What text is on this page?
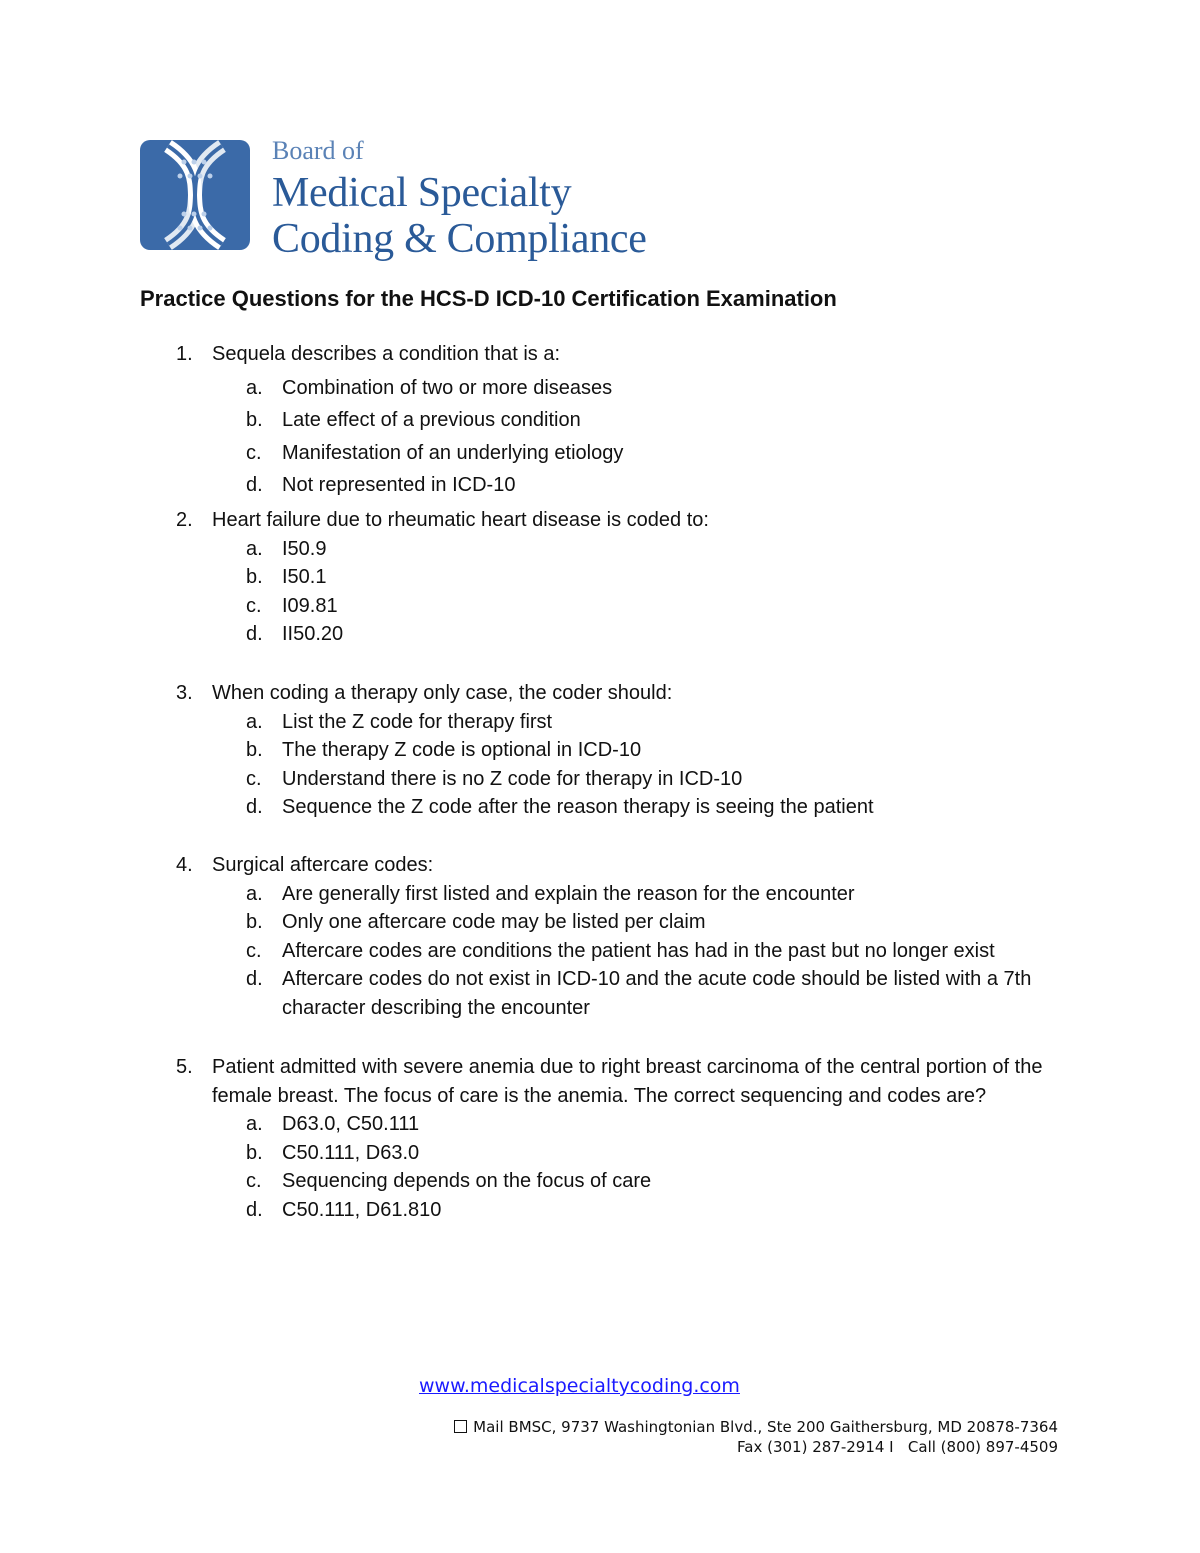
Board of
Medical Specialty
Coding & Compliance
Practice Questions for the HCS-D ICD-10 Certification Examination
1. Sequela describes a condition that is a:
a. Combination of two or more diseases
b. Late effect of a previous condition
c.	Manifestation of an underlying etiology
d. Not represented in ICD-10
2. Heart failure due to rheumatic heart disease is coded to:
a. I50.9
b. I50.1
c.	I09.81
d. II50.20
3. When coding a therapy only case, the coder should:
a. List the Z code for therapy first
b. The therapy Z code is optional in ICD-10
c.	Understand there is no Z code for therapy in ICD-10
d. Sequence the Z code after the reason therapy is seeing the patient
4. Surgical aftercare codes:
a. Are generally first listed and explain the reason for the encounter
b. Only one aftercare code may be listed per claim
c.	Aftercare codes are conditions the patient has had in the past but no longer exist
d. Aftercare codes do not exist in ICD-10 and the acute code should be listed with a 7th character describing the encounter
5. Patient admitted with severe anemia due to right breast carcinoma of the central portion of the female breast. The focus of care is the anemia. The correct sequencing and codes are?
a. D63.0, C50.111
b. C50.111, D63.0
c.	Sequencing depends on the focus of care
d. C50.111, D61.810
www.medicalspecialtycoding.com
Mail BMSC, 9737 Washingtonian Blvd., Ste 200 Gaithersburg, MD 20878-7364
Fax (301) 287-2914 I   Call (800) 897-4509
